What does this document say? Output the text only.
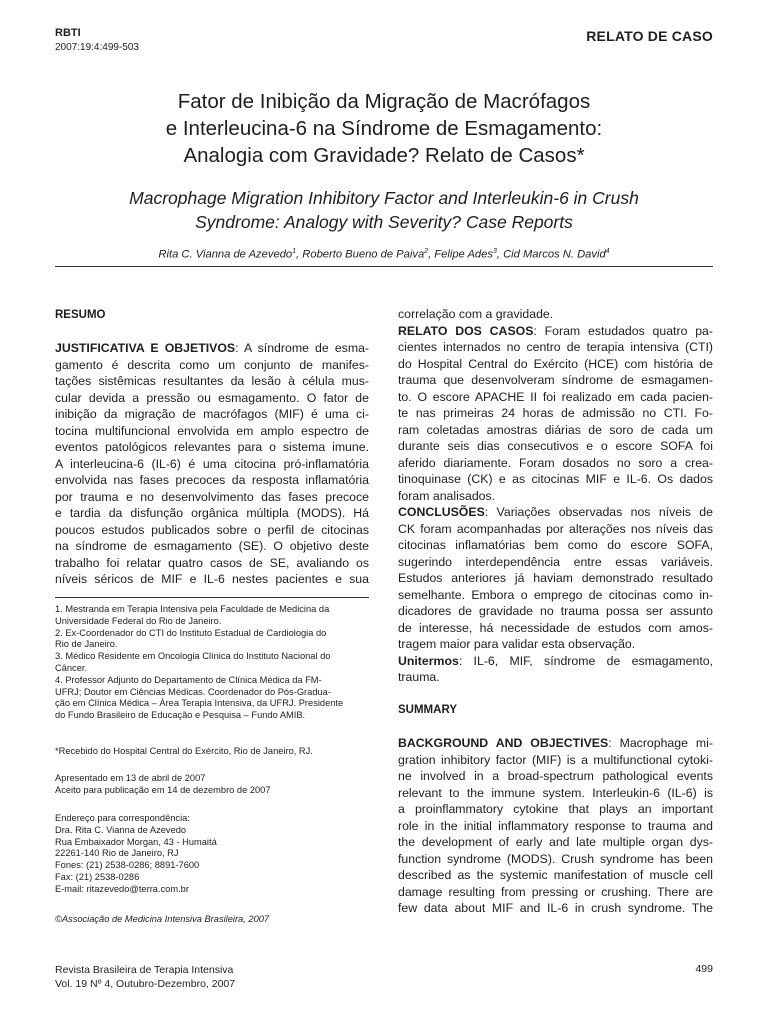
RBTI
2007:19:4:499-503
RELATO DE CASO
Fator de Inibição da Migração de Macrófagos
e Interleucina-6 na Síndrome de Esmagamento:
Analogia com Gravidade? Relato de Casos*
Macrophage Migration Inhibitory Factor and Interleukin-6 in Crush
Syndrome: Analogy with Severity? Case Reports
Rita C. Vianna de Azevedo$^1$, Roberto Bueno de Paiva$^2$, Felipe Ades$^3$, Cid Marcos N. David$^4$
RESUMO
JUSTIFICATIVA E OBJETIVOS: A síndrome de esma-
gamento é descrita como um conjunto de manifes-
tações sistêmicas resultantes da lesão à célula mus-
cular devida a pressão ou esmagamento. O fator de
inibição da migração de macrófagos (MIF) é uma ci-
tocina multifuncional envolvida em amplo espectro de
eventos patológicos relevantes para o sistema imune.
A interleucina-6 (IL-6) é uma citocina pró-inflamatória
envolvida nas fases precoces da resposta inflamatória
por trauma e no desenvolvimento das fases precoce
e tardia da disfunção orgânica múltipla (MODS). Há
poucos estudos publicados sobre o perfil de citocinas
na síndrome de esmagamento (SE). O objetivo deste
trabalho foi relatar quatro casos de SE, avaliando os
níveis séricos de MIF e IL-6 nestes pacientes e sua
1. Mestranda em Terapia Intensiva pela Faculdade de Medicina da
Universidade Federal do Rio de Janeiro.
2. Ex-Coordenador do CTI do Instituto Estadual de Cardiologia do
Rio de Janeiro.
3. Médico Residente em Oncologia Clínica do Instituto Nacional do
Câncer.
4. Professor Adjunto do Departamento de Clínica Médica da FM-
UFRJ; Doutor em Ciências Médicas. Coordenador do Pós-Gradua-
ção em Clínica Médica – Área Terapia Intensiva, da UFRJ. Presidente
do Fundo Brasileiro de Educação e Pesquisa – Fundo AMIB.
*Recebido do Hospital Central do Exército, Rio de Janeiro, RJ.
Apresentado em 13 de abril de 2007
Aceito para publicação em 14 de dezembro de 2007
Endereço para correspondência:
Dra. Rita C. Vianna de Azevedo
Rua Embaixador Morgan, 43 - Humaitá
22261-140 Rio de Janeiro, RJ
Fones: (21) 2538-0286; 8891-7600
Fax: (21) 2538-0286
E-mail: ritazevedo@terra.com.br
©Associação de Medicina Intensiva Brasileira, 2007
correlação com a gravidade.
RELATO DOS CASOS: Foram estudados quatro pa-
cientes internados no centro de terapia intensiva (CTI)
do Hospital Central do Exército (HCE) com história de
trauma que desenvolveram síndrome de esmagamen-
to. O escore APACHE II foi realizado em cada pacien-
te nas primeiras 24 horas de admissão no CTI. Fo-
ram coletadas amostras diárias de soro de cada um
durante seis dias consecutivos e o escore SOFA foi
aferido diariamente. Foram dosados no soro a crea-
tinoquinase (CK) e as citocinas MIF e IL-6. Os dados
foram analisados.
CONCLUSÕES: Variações observadas nos níveis de
CK foram acompanhadas por alterações nos níveis das
citocinas inflamatórias bem como do escore SOFA,
sugerindo interdependência entre essas variáveis.
Estudos anteriores já haviam demonstrado resultado
semelhante. Embora o emprego de citocinas como in-
dicadores de gravidade no trauma possa ser assunto
de interesse, há necessidade de estudos com amos-
tragem maior para validar esta observação.
Unitermos: IL-6, MIF, síndrome de esmagamento,
trauma.
SUMMARY
BACKGROUND AND OBJECTIVES: Macrophage mi-
gration inhibitory factor (MIF) is a multifunctional cytoki-
ne involved in a broad-spectrum pathological events
relevant to the immune system. Interleukin-6 (IL-6) is
a proinflammatory cytokine that plays an important
role in the initial inflammatory response to trauma and
the development of early and late multiple organ dys-
function syndrome (MODS). Crush syndrome has been
described as the systemic manifestation of muscle cell
damage resulting from pressing or crushing. There are
few data about MIF and IL-6 in crush syndrome. The
Revista Brasileira de Terapia Intensiva
Vol. 19 Nº 4, Outubro-Dezembro, 2007
499
